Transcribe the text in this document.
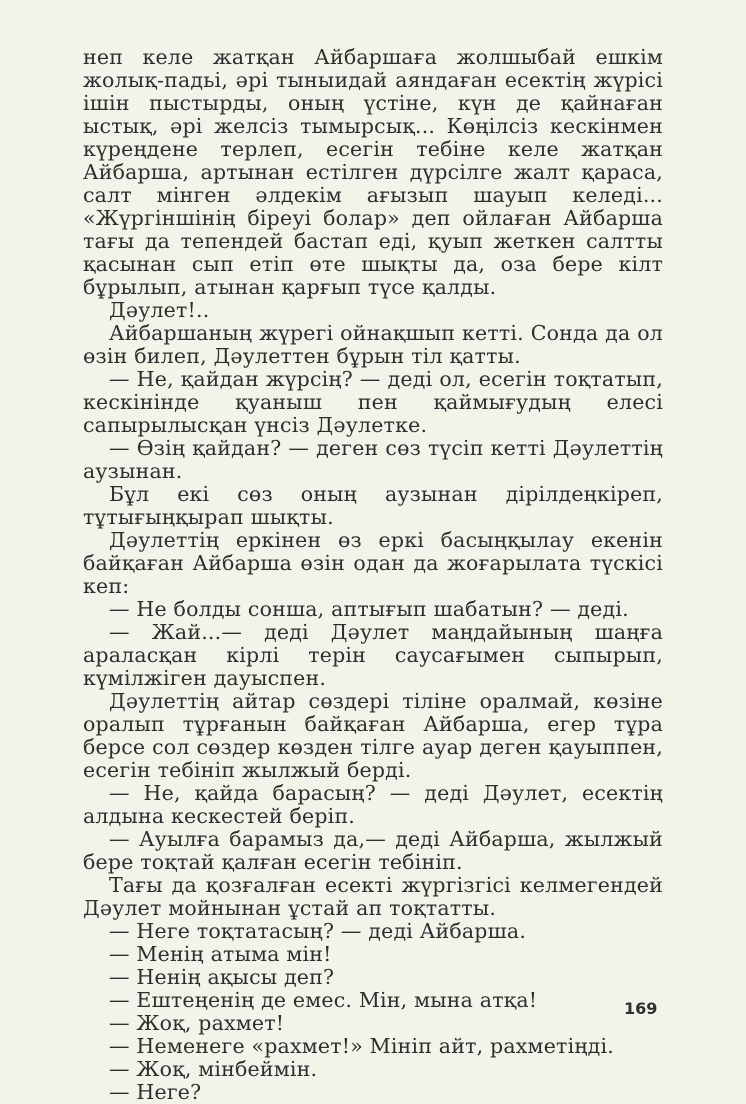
неп келе жатқан Айбаршаға жолшыбай ешкім жолық-падьі, әрі тыныидай аяндаған есектің жүрісі ішін пыстырды, оның үстіне, күн де қайнаған ыстық, әрі желсіз тымырсық... Көңілсіз кескінмен күреңдене терлеп, есегін тебіне келе жатқан Айбарша, артынан естілген дүрсілге жалт қараса, салт мінген әлдекім ағызып шауып келеді... «Жүргіншінің біреуі болар» деп ойлаған Айбарша тағы да тепендей бастап еді, қуып жеткен салтты қасынан сып етіп өте шықты да, оза бере кілт бұрылып, атынан қарғып түсе қалды.

Дәулет!..

Айбаршаның жүрегі ойнақшып кетті. Сонда да ол өзін билеп, Дәулеттен бұрын тіл қатты.

— Не, қайдан жүрсің? — деді ол, есегін тоқтатып, кескінінде қуаныш пен қаймығудың елесі сапырылысқан үнсіз Дәулетке.

— Өзің қайдан? — деген сөз түсіп кетті Дәулеттің аузынан.

Бұл екі сөз оның аузынан дірілдеңкіреп, тұтығыңқырап шықты.

Дәулеттің еркінен өз еркі басыңқылау екенін байқаған Айбарша өзін одан да жоғарылата түскісі кеп:

— Не болды сонша, аптығып шабатын? — деді.

— Жай...— деді Дәулет маңдайының шаңға араласқан кірлі терін саусағымен сыпырып, күмілжіген дауыспен.

Дәулеттің айтар сөздері тіліне оралмай, көзіне оралып тұрғанын байқаған Айбарша, егер тұра берсе сол сөздер көзден тілге ауар деген қауыппен, есегін тебініп жылжый берді.

— Не, қайда барасың? — деді Дәулет, есектің алдына кескестей беріп.

— Ауылға барамыз да,— деді Айбарша, жылжый бере тоқтай қалған есегін тебініп.

Тағы да қозғалған есекті жүргізгісі келмегендей Дәулет мойнынан ұстай ап тоқтатты.

— Неге тоқтатасың? — деді Айбарша.

— Менің атыма мін!

— Ненің ақысы деп?

— Ештеңенің де емес. Мін, мына атқа!

— Жоқ, рахмет!

— Неменеге «рахмет!» Мініп айт, рахметіңді.

— Жоқ, мінбеймін.

— Неге?

169
